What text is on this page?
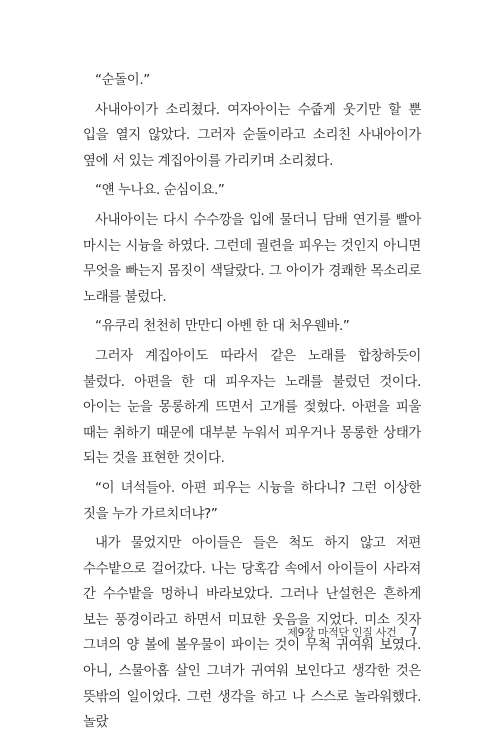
“순돌이.”

사내아이가 소리쳤다. 여자아이는 수줍게 웃기만 할 뿐 입을 열지 않았다. 그러자 순돌이라고 소리친 사내아이가 옆에 서 있는 계집아이를 가리키며 소리쳤다.

“얜 누나요. 순심이요.”

사내아이는 다시 수수깡을 입에 물더니 담배 연기를 빨아 마시는 시늉을 하였다. 그런데 궐련을 피우는 것인지 아니면 무엇을 빠는지 몸짓이 색달랐다. 그 아이가 경쾌한 목소리로 노래를 불렀다.

“유쿠리 천천히 만만디 아벤 한 대 처우웬바.”

그러자 계집아이도 따라서 같은 노래를 합창하듯이 불렀다. 아편을 한 대 피우자는 노래를 불렀던 것이다. 아이는 눈을 몽롱하게 뜨면서 고개를 젖혔다. 아편을 피울 때는 취하기 때문에 대부분 누워서 피우거나 몽롱한 상태가 되는 것을 표현한 것이다.

“이 녀석들아. 아편 피우는 시늉을 하다니? 그런 이상한 짓을 누가 가르치더냐?”

내가 물었지만 아이들은 들은 척도 하지 않고 저편 수수밭으로 걸어갔다. 나는 당혹감 속에서 아이들이 사라져 간 수수밭을 멍하니 바라보았다. 그러나 난설헌은 흔하게 보는 풍경이라고 하면서 미묘한 웃음을 지었다. 미소 짓자 그녀의 양 볼에 볼우물이 파이는 것이 무척 귀여워 보였다. 아니, 스물아홉 살인 그녀가 귀여워 보인다고 생각한 것은 뜻밖의 일이었다. 그런 생각을 하고 나 스스로 놀라워했다. 놀랐

제9장 마적단 인질 사건 7
